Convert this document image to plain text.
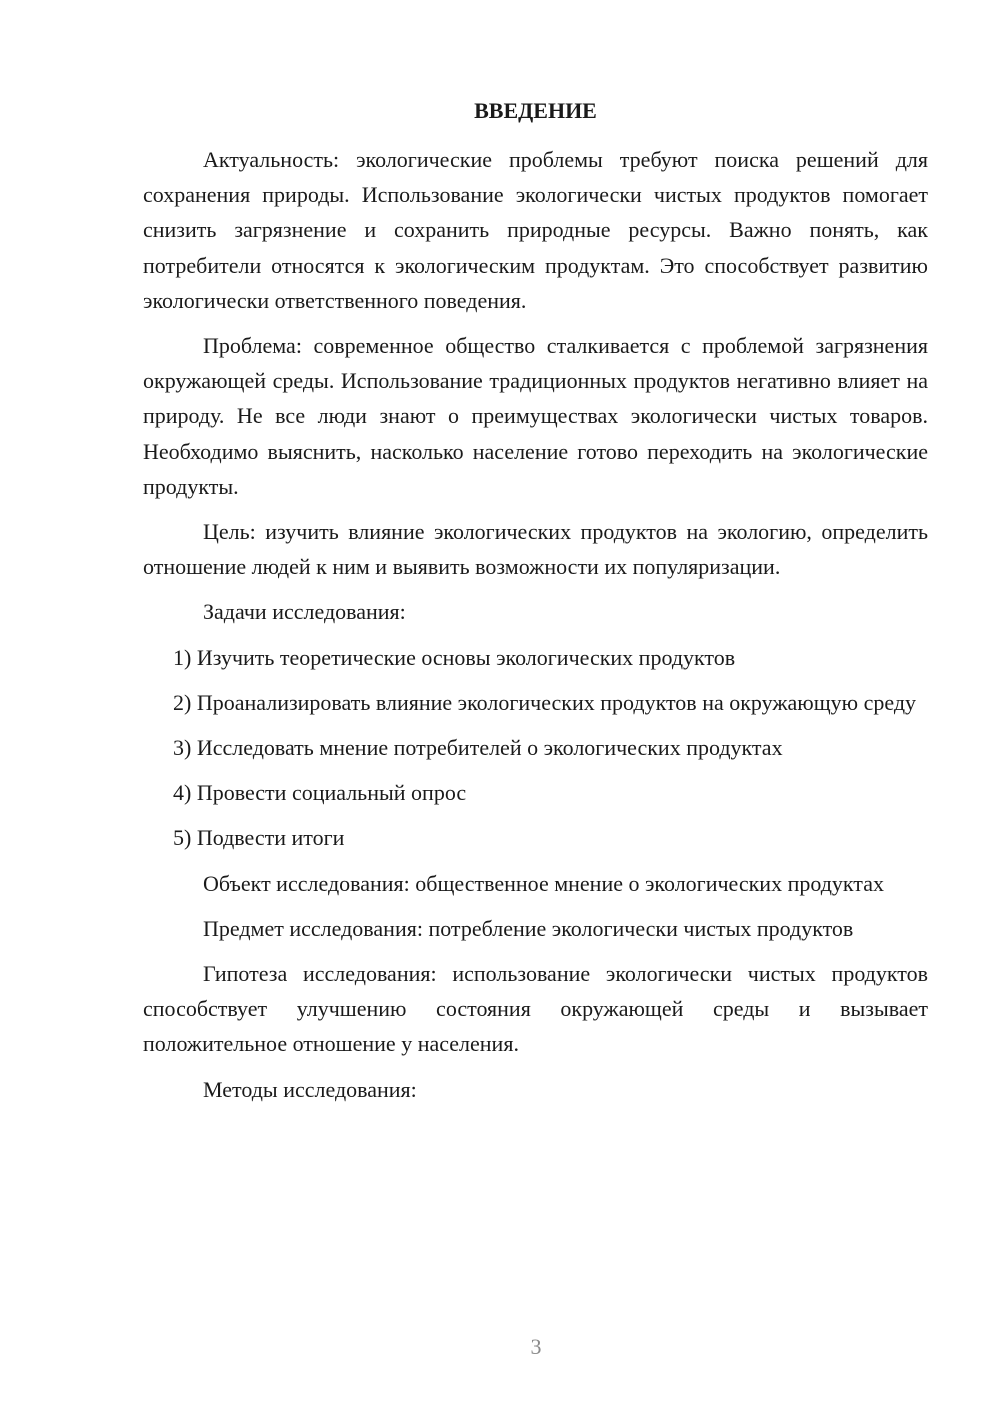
ВВЕДЕНИЕ

Актуальность: экологические проблемы требуют поиска решений для сохранения природы. Использование экологически чистых продуктов помогает снизить загрязнение и сохранить природные ресурсы. Важно понять, как потребители относятся к экологическим продуктам. Это способствует развитию экологически ответственного поведения.

Проблема: современное общество сталкивается с проблемой загрязнения окружающей среды. Использование традиционных продуктов негативно влияет на природу. Не все люди знают о преимуществах экологически чистых товаров. Необходимо выяснить, насколько население готово переходить на экологические продукты.

Цель: изучить влияние экологических продуктов на экологию, определить отношение людей к ним и выявить возможности их популяризации.

Задачи исследования:

1) Изучить теоретические основы экологических продуктов

2) Проанализировать влияние экологических продуктов на окружающую среду

3) Исследовать мнение потребителей о экологических продуктах

4) Провести социальный опрос

5) Подвести итоги

Объект исследования: общественное мнение о экологических продуктах

Предмет исследования: потребление экологически чистых продуктов

Гипотеза исследования: использование экологически чистых продуктов способствует улучшению состояния окружающей среды и вызывает положительное отношение у населения.

Методы исследования:

3
